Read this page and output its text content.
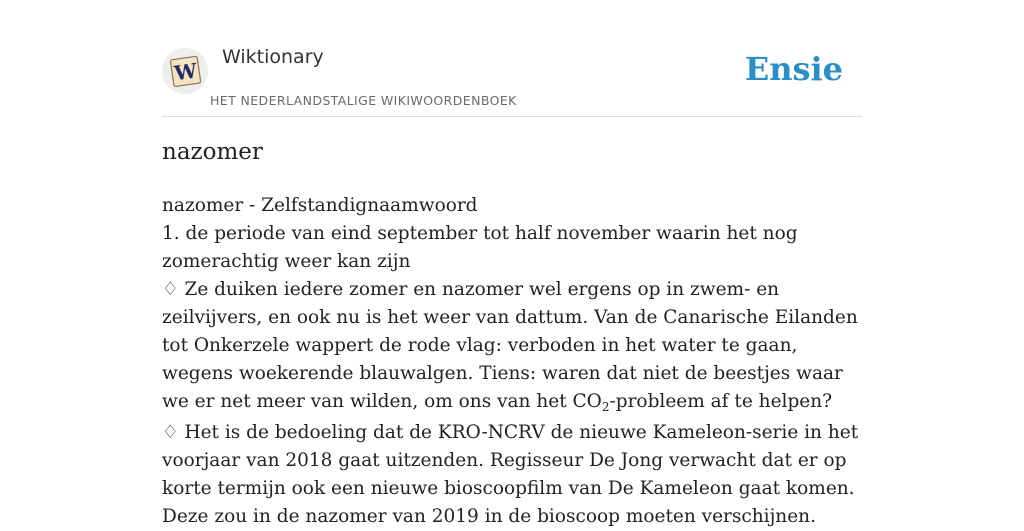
W
Wiktionary
HET NEDERLANDSTALIGE WIKIWOORDENBOEK
Ensie
nazomer

nazomer - Zelfstandignaamwoord

1. de periode van eind september tot half november waarin het nog zomerachtig weer kan zijn

♢ Ze duiken iedere zomer en nazomer wel ergens op in zwem- en zeilvijvers, en ook nu is het weer van dattum. Van de Canarische Eilanden tot Onkerzele wappert de rode vlag: verboden in het water te gaan, wegens woekerende blauwalgen. Tiens: waren dat niet de beestjes waar we er net meer van wilden, om ons van het $CO_2$-probleem af te helpen?

♢ Het is de bedoeling dat de KRO-NCRV de nieuwe Kameleon-serie in het voorjaar van 2018 gaat uitzenden. Regisseur De Jong verwacht dat er op korte termijn ook een nieuwe bioscoopfilm van De Kameleon gaat komen. Deze zou in de nazomer van 2019 in de bioscoop moeten verschijnen.
